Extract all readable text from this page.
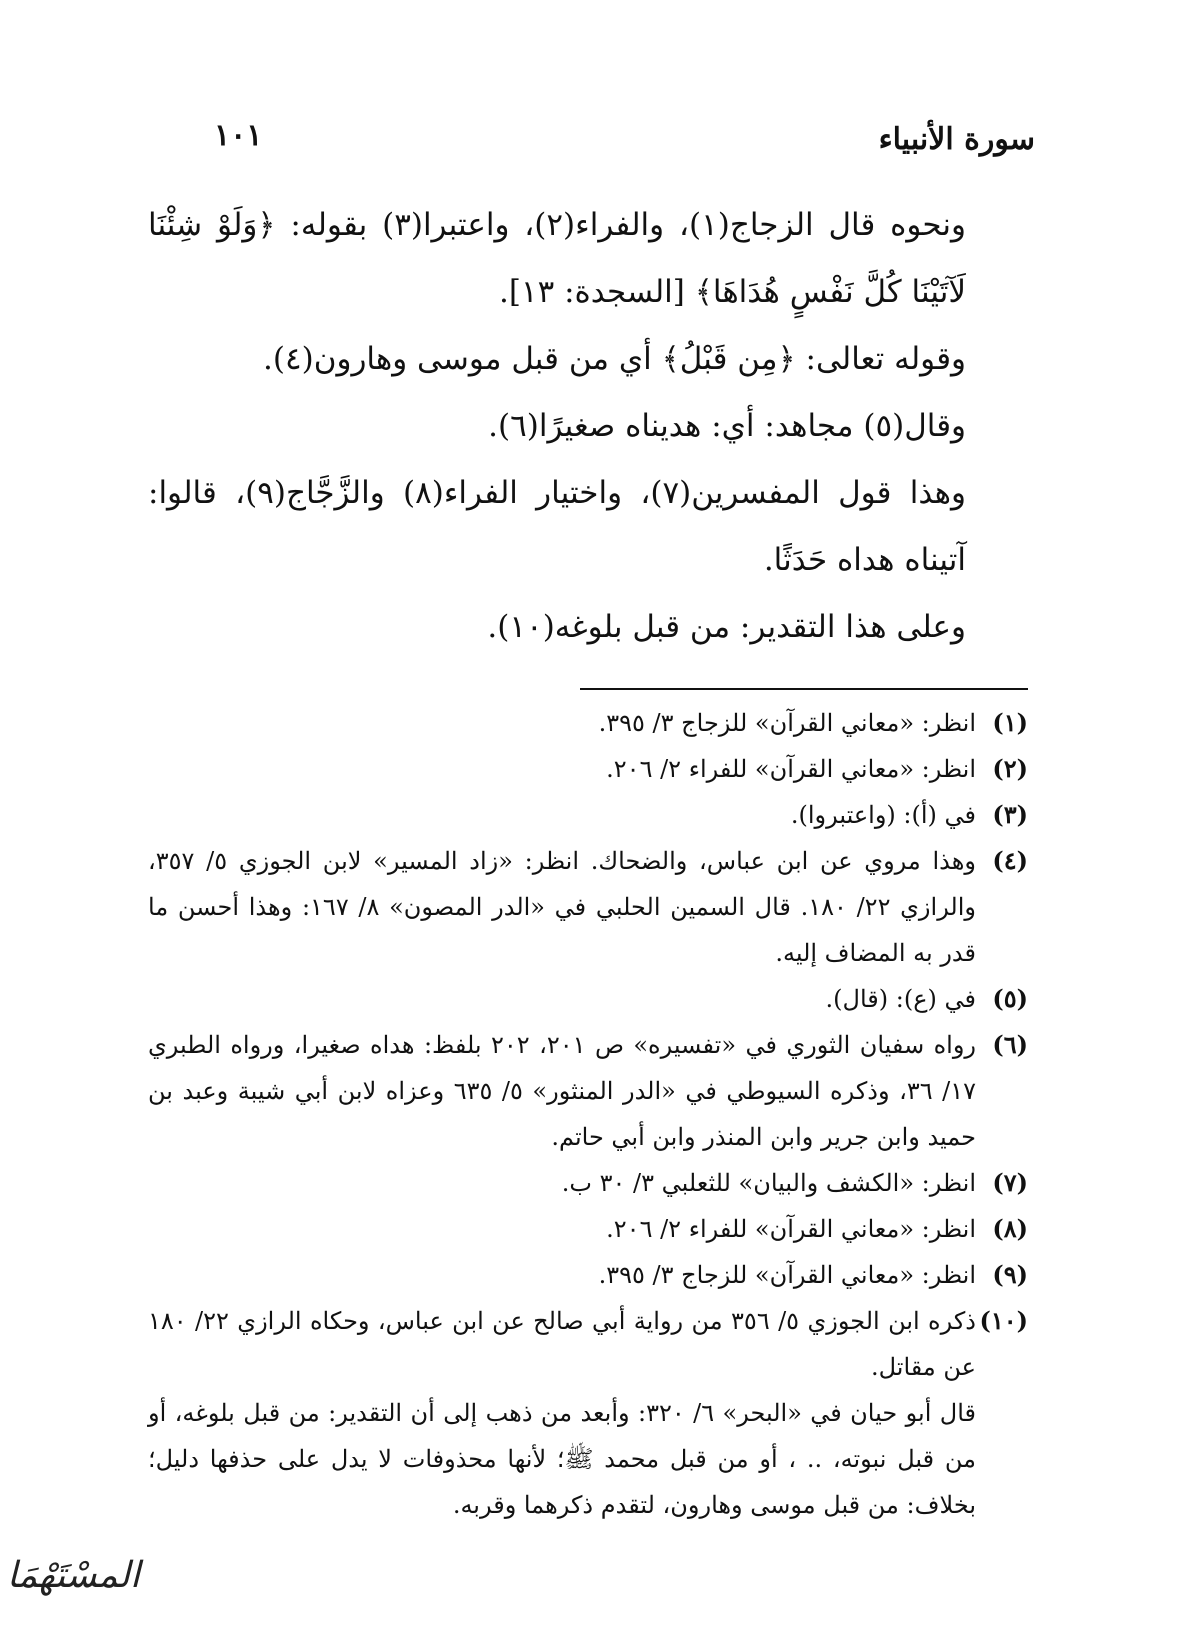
سورة الأنبياء
١٠١

ونحوه قال الزجاج(١)، والفراء(٢)، واعتبرا(٣) بقوله: ﴿وَلَوْ شِئْنَا لَآتَيْنَا كُلَّ نَفْسٍ هُدَاهَا﴾ [السجدة: ١٣].

وقوله تعالى: ﴿مِن قَبْلُ﴾ أي من قبل موسى وهارون(٤).

وقال(٥) مجاهد: أي: هديناه صغيرًا(٦).

وهذا قول المفسرين(٧)، واختيار الفراء(٨) والزَّجَّاج(٩)، قالوا: آتيناه هداه حَدَثًا.

وعلى هذا التقدير: من قبل بلوغه(١٠).

(١)
انظر: «معاني القرآن» للزجاج ٣/ ٣٩٥.
(٢)
انظر: «معاني القرآن» للفراء ٢/ ٢٠٦.
(٣)
في (أ): (واعتبروا).
(٤)
وهذا مروي عن ابن عباس، والضحاك. انظر: «زاد المسير» لابن الجوزي ٥/ ٣٥٧، والرازي ٢٢/ ١٨٠. قال السمين الحلبي في «الدر المصون» ٨/ ١٦٧: وهذا أحسن ما قدر به المضاف إليه.
(٥)
في (ع): (قال).
(٦)
رواه سفيان الثوري في «تفسيره» ص ٢٠١، ٢٠٢ بلفظ: هداه صغيرا، ورواه الطبري ١٧/ ٣٦، وذكره السيوطي في «الدر المنثور» ٥/ ٦٣٥ وعزاه لابن أبي شيبة وعبد بن حميد وابن جرير وابن المنذر وابن أبي حاتم.
(٧)
انظر: «الكشف والبيان» للثعلبي ٣/ ٣٠ ب.
(٨)
انظر: «معاني القرآن» للفراء ٢/ ٢٠٦.
(٩)
انظر: «معاني القرآن» للزجاج ٣/ ٣٩٥.
(١٠)
ذكره ابن الجوزي ٥/ ٣٥٦ من رواية أبي صالح عن ابن عباس، وحكاه الرازي ٢٢/ ١٨٠ عن مقاتل.
قال أبو حيان في «البحر» ٦/ ٣٢٠: وأبعد من ذهب إلى أن التقدير: من قبل بلوغه، أو من قبل نبوته، .. ، أو من قبل محمد ﷺ؛ لأنها محذوفات لا يدل على حذفها دليل؛ بخلاف: من قبل موسى وهارون، لتقدم ذكرهما وقربه.
المسْتَهْمَا
